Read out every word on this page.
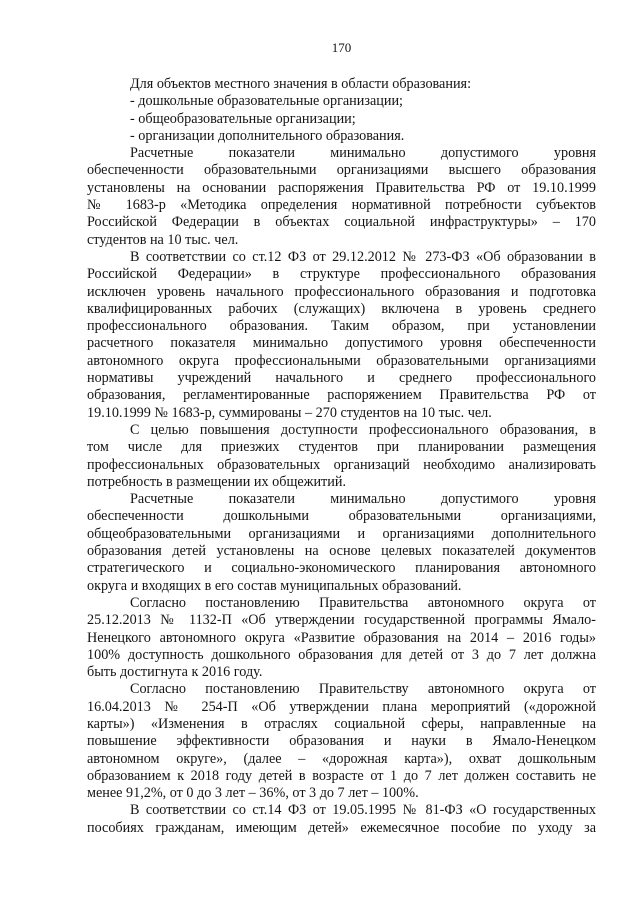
170
Для объектов местного значения в области образования:
- дошкольные образовательные организации;
- общеобразовательные организации;
- организации дополнительного образования.
Расчетные показатели минимально допустимого уровня
обеспеченности образовательными организациями высшего образования
установлены на основании распоряжения Правительства РФ от 19.10.1999
№ 1683-р «Методика определения нормативной потребности субъектов
Российской Федерации в объектах социальной инфраструктуры» – 170
студентов на 10 тыс. чел.
В соответствии со ст.12 ФЗ от 29.12.2012 № 273-ФЗ «Об образовании в
Российской Федерации» в структуре профессионального образования
исключен уровень начального профессионального образования и подготовка
квалифицированных рабочих (служащих) включена в уровень среднего
профессионального образования. Таким образом, при установлении
расчетного показателя минимально допустимого уровня обеспеченности
автономного округа профессиональными образовательными организациями
нормативы учреждений начального и среднего профессионального
образования, регламентированные распоряжением Правительства РФ от
19.10.1999 № 1683-р, суммированы – 270 студентов на 10 тыс. чел.
С целью повышения доступности профессионального образования, в
том числе для приезжих студентов при планировании размещения
профессиональных образовательных организаций необходимо анализировать
потребность в размещении их общежитий.
Расчетные показатели минимально допустимого уровня
обеспеченности дошкольными образовательными организациями,
общеобразовательными организациями и организациями дополнительного
образования детей установлены на основе целевых показателей документов
стратегического и социально-экономического планирования автономного
округа и входящих в его состав муниципальных образований.
Согласно постановлению Правительства автономного округа от
25.12.2013 № 1132-П «Об утверждении государственной программы Ямало-
Ненецкого автономного округа «Развитие образования на 2014 – 2016 годы»
100% доступность дошкольного образования для детей от 3 до 7 лет должна
быть достигнута к 2016 году.
Согласно постановлению Правительству автономного округа от
16.04.2013 № 254-П «Об утверждении плана мероприятий («дорожной
карты») «Изменения в отраслях социальной сферы, направленные на
повышение эффективности образования и науки в Ямало-Ненецком
автономном округе», (далее – «дорожная карта»), охват дошкольным
образованием к 2018 году детей в возрасте от 1 до 7 лет должен составить не
менее 91,2%, от 0 до 3 лет – 36%, от 3 до 7 лет – 100%.
В соответствии со ст.14 ФЗ от 19.05.1995 № 81-ФЗ «О государственных
пособиях гражданам, имеющим детей» ежемесячное пособие по уходу за
